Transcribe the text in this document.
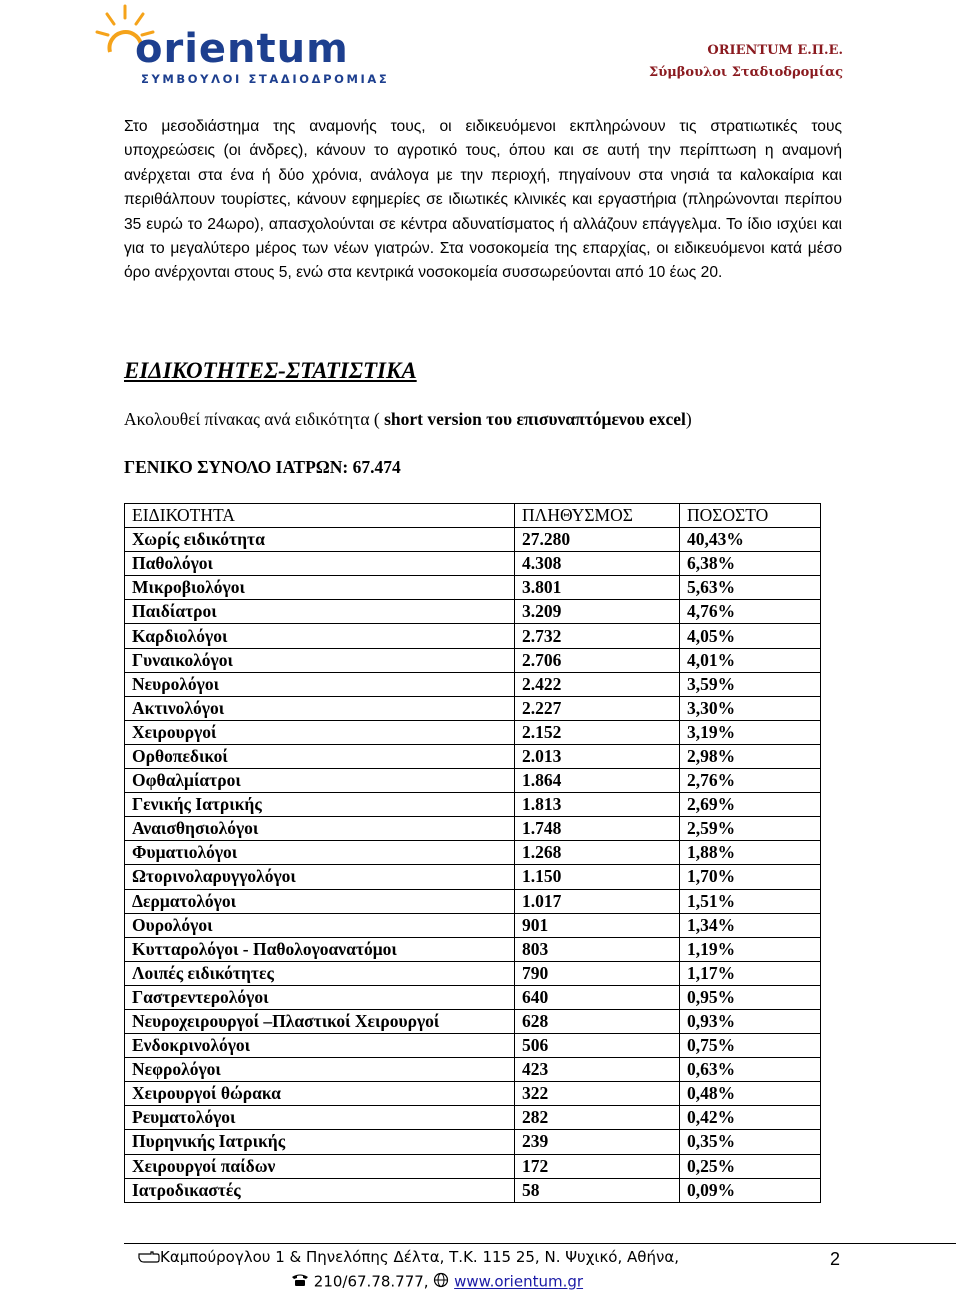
orientum
ΣΥΜΒΟΥΛΟΙ ΣΤΑΔΙΟΔΡΟΜΙΑΣ
ORIENTUM Ε.Π.Ε.
Σύμβουλοι Σταδιοδρομίας

Στο μεσοδιάστημα της αναμονής τους, οι ειδικευόμενοι εκπληρώνουν τις στρατιωτικές τους υποχρεώσεις (οι άνδρες), κάνουν το αγροτικό τους, όπου και σε αυτή την περίπτωση η αναμονή ανέρχεται στα ένα ή δύο χρόνια, ανάλογα με την περιοχή, πηγαίνουν στα νησιά τα καλοκαίρια και περιθάλπουν τουρίστες, κάνουν εφημερίες σε ιδιωτικές κλινικές και εργαστήρια (πληρώνονται περίπου 35 ευρώ το 24ωρο), απασχολούνται σε κέντρα αδυνατίσματος ή αλλάζουν επάγγελμα. Το ίδιο ισχύει και για το μεγαλύτερο μέρος των νέων γιατρών. Στα νοσοκομεία της επαρχίας, οι ειδικευόμενοι κατά μέσο όρο ανέρχονται στους 5, ενώ στα κεντρικά νοσοκομεία συσσωρεύονται από 10 έως 20.

ΕΙΔΙΚΟΤΗΤΕΣ-ΣΤΑΤΙΣΤΙΚΑ
Ακολουθεί πίνακας ανά ειδικότητα ( short version του επισυναπτόμενου excel)
ΓΕΝΙΚΟ ΣΥΝΟΛΟ ΙΑΤΡΩΝ: 67.474
ΕΙΔΙΚΟΤΗΤΑ	ΠΛΗΘΥΣΜΟΣ	ΠΟΣΟΣΤΟ
Χωρίς ειδικότητα	27.280	40,43%
Παθολόγοι	4.308	6,38%
Μικροβιολόγοι	3.801	5,63%
Παιδίατροι	3.209	4,76%
Καρδιολόγοι	2.732	4,05%
Γυναικολόγοι	2.706	4,01%
Νευρολόγοι	2.422	3,59%
Ακτινολόγοι	2.227	3,30%
Χειρουργοί	2.152	3,19%
Ορθοπεδικοί	2.013	2,98%
Οφθαλμίατροι	1.864	2,76%
Γενικής Ιατρικής	1.813	2,69%
Αναισθησιολόγοι	1.748	2,59%
Φυματιολόγοι	1.268	1,88%
Ωτορινολαρυγγολόγοι	1.150	1,70%
Δερματολόγοι	1.017	1,51%
Ουρολόγοι	901	1,34%
Κυτταρολόγοι - Παθολογοανατόμοι	803	1,19%
Λοιπές ειδικότητες	790	1,17%
Γαστρεντερολόγοι	640	0,95%
Νευροχειρουργοί –Πλαστικοί Χειρουργοί	628	0,93%
Ενδοκρινολόγοι	506	0,75%
Νεφρολόγοι	423	0,63%
Χειρουργοί θώρακα	322	0,48%
Ρευματολόγοι	282	0,42%
Πυρηνικής Ιατρικής	239	0,35%
Χειρουργοί παίδων	172	0,25%
Ιατροδικαστές	58	0,09%
Καμπούρογλου 1 & Πηνελόπης Δέλτα, Τ.Κ. 115 25, Ν. Ψυχικό, Αθήνα,	2
210/67.78.777, www.orientum.gr
